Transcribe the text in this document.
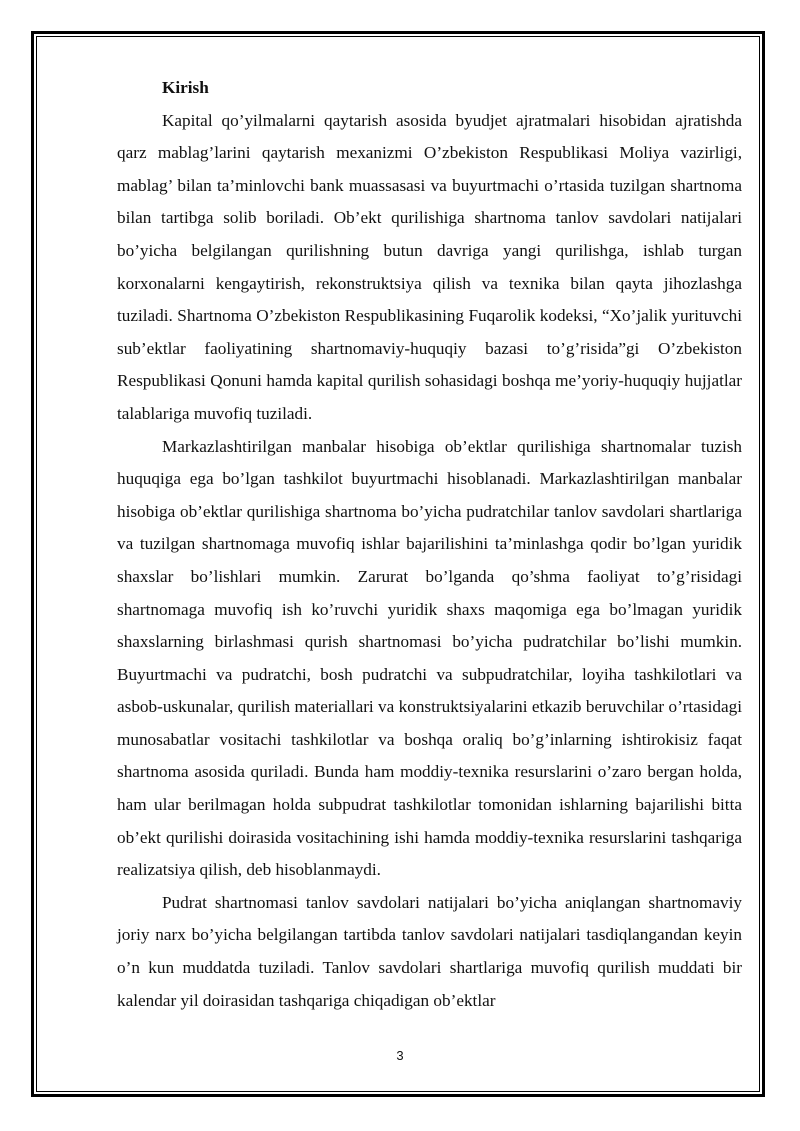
Kirish

Kapital qo’yilmalarni qaytarish asosida byudjet ajratmalari hisobidan ajratishda qarz mablag’larini qaytarish mexanizmi O’zbekiston Respublikasi Moliya vazirligi, mablag’ bilan ta’minlovchi bank muassasasi va buyurtmachi o’rtasida tuzilgan shartnoma bilan tartibga solib boriladi. Ob’ekt qurilishiga shartnoma tanlov savdolari natijalari bo’yicha belgilangan qurilishning butun davriga yangi qurilishga, ishlab turgan korxonalarni kengaytirish, rekonstruktsiya qilish va texnika bilan qayta jihozlashga tuziladi. Shartnoma O’zbekiston Respublikasining Fuqarolik kodeksi, “Xo’jalik yurituvchi sub’ektlar faoliyatining shartnomaviy-huquqiy bazasi to’g’risida”gi O’zbekiston Respublikasi Qonuni hamda kapital qurilish sohasidagi boshqa me’yoriy-huquqiy hujjatlar talablariga muvofiq tuziladi.

Markazlashtirilgan manbalar hisobiga ob’ektlar qurilishiga shartnomalar tuzish huquqiga ega bo’lgan tashkilot buyurtmachi hisoblanadi. Markazlashtirilgan manbalar hisobiga ob’ektlar qurilishiga shartnoma bo’yicha pudratchilar tanlov savdolari shartlariga va tuzilgan shartnomaga muvofiq ishlar bajarilishini ta’minlashga qodir bo’lgan yuridik shaxslar bo’lishlari mumkin. Zarurat bo’lganda qo’shma faoliyat to’g’risidagi shartnomaga muvofiq ish ko’ruvchi yuridik shaxs maqomiga ega bo’lmagan yuridik shaxslarning birlashmasi qurish shartnomasi bo’yicha pudratchilar bo’lishi mumkin. Buyurtmachi va pudratchi, bosh pudratchi va subpudratchilar, loyiha tashkilotlari va asbob-uskunalar, qurilish materiallari va konstruktsiyalarini etkazib beruvchilar o’rtasidagi munosabatlar vositachi tashkilotlar va boshqa oraliq bo’g’inlarning ishtirokisiz faqat shartnoma asosida quriladi. Bunda ham moddiy-texnika resurslarini o’zaro bergan holda, ham ular berilmagan holda subpudrat tashkilotlar tomonidan ishlarning bajarilishi bitta ob’ekt qurilishi doirasida vositachining ishi hamda moddiy-texnika resurslarini tashqariga realizatsiya qilish, deb hisoblanmaydi.

Pudrat shartnomasi tanlov savdolari natijalari bo’yicha aniqlangan shartnomaviy joriy narx bo’yicha belgilangan tartibda tanlov savdolari natijalari tasdiqlangandan keyin o’n kun muddatda tuziladi. Tanlov savdolari shartlariga muvofiq qurilish muddati bir kalendar yil doirasidan tashqariga chiqadigan ob’ektlar

3
